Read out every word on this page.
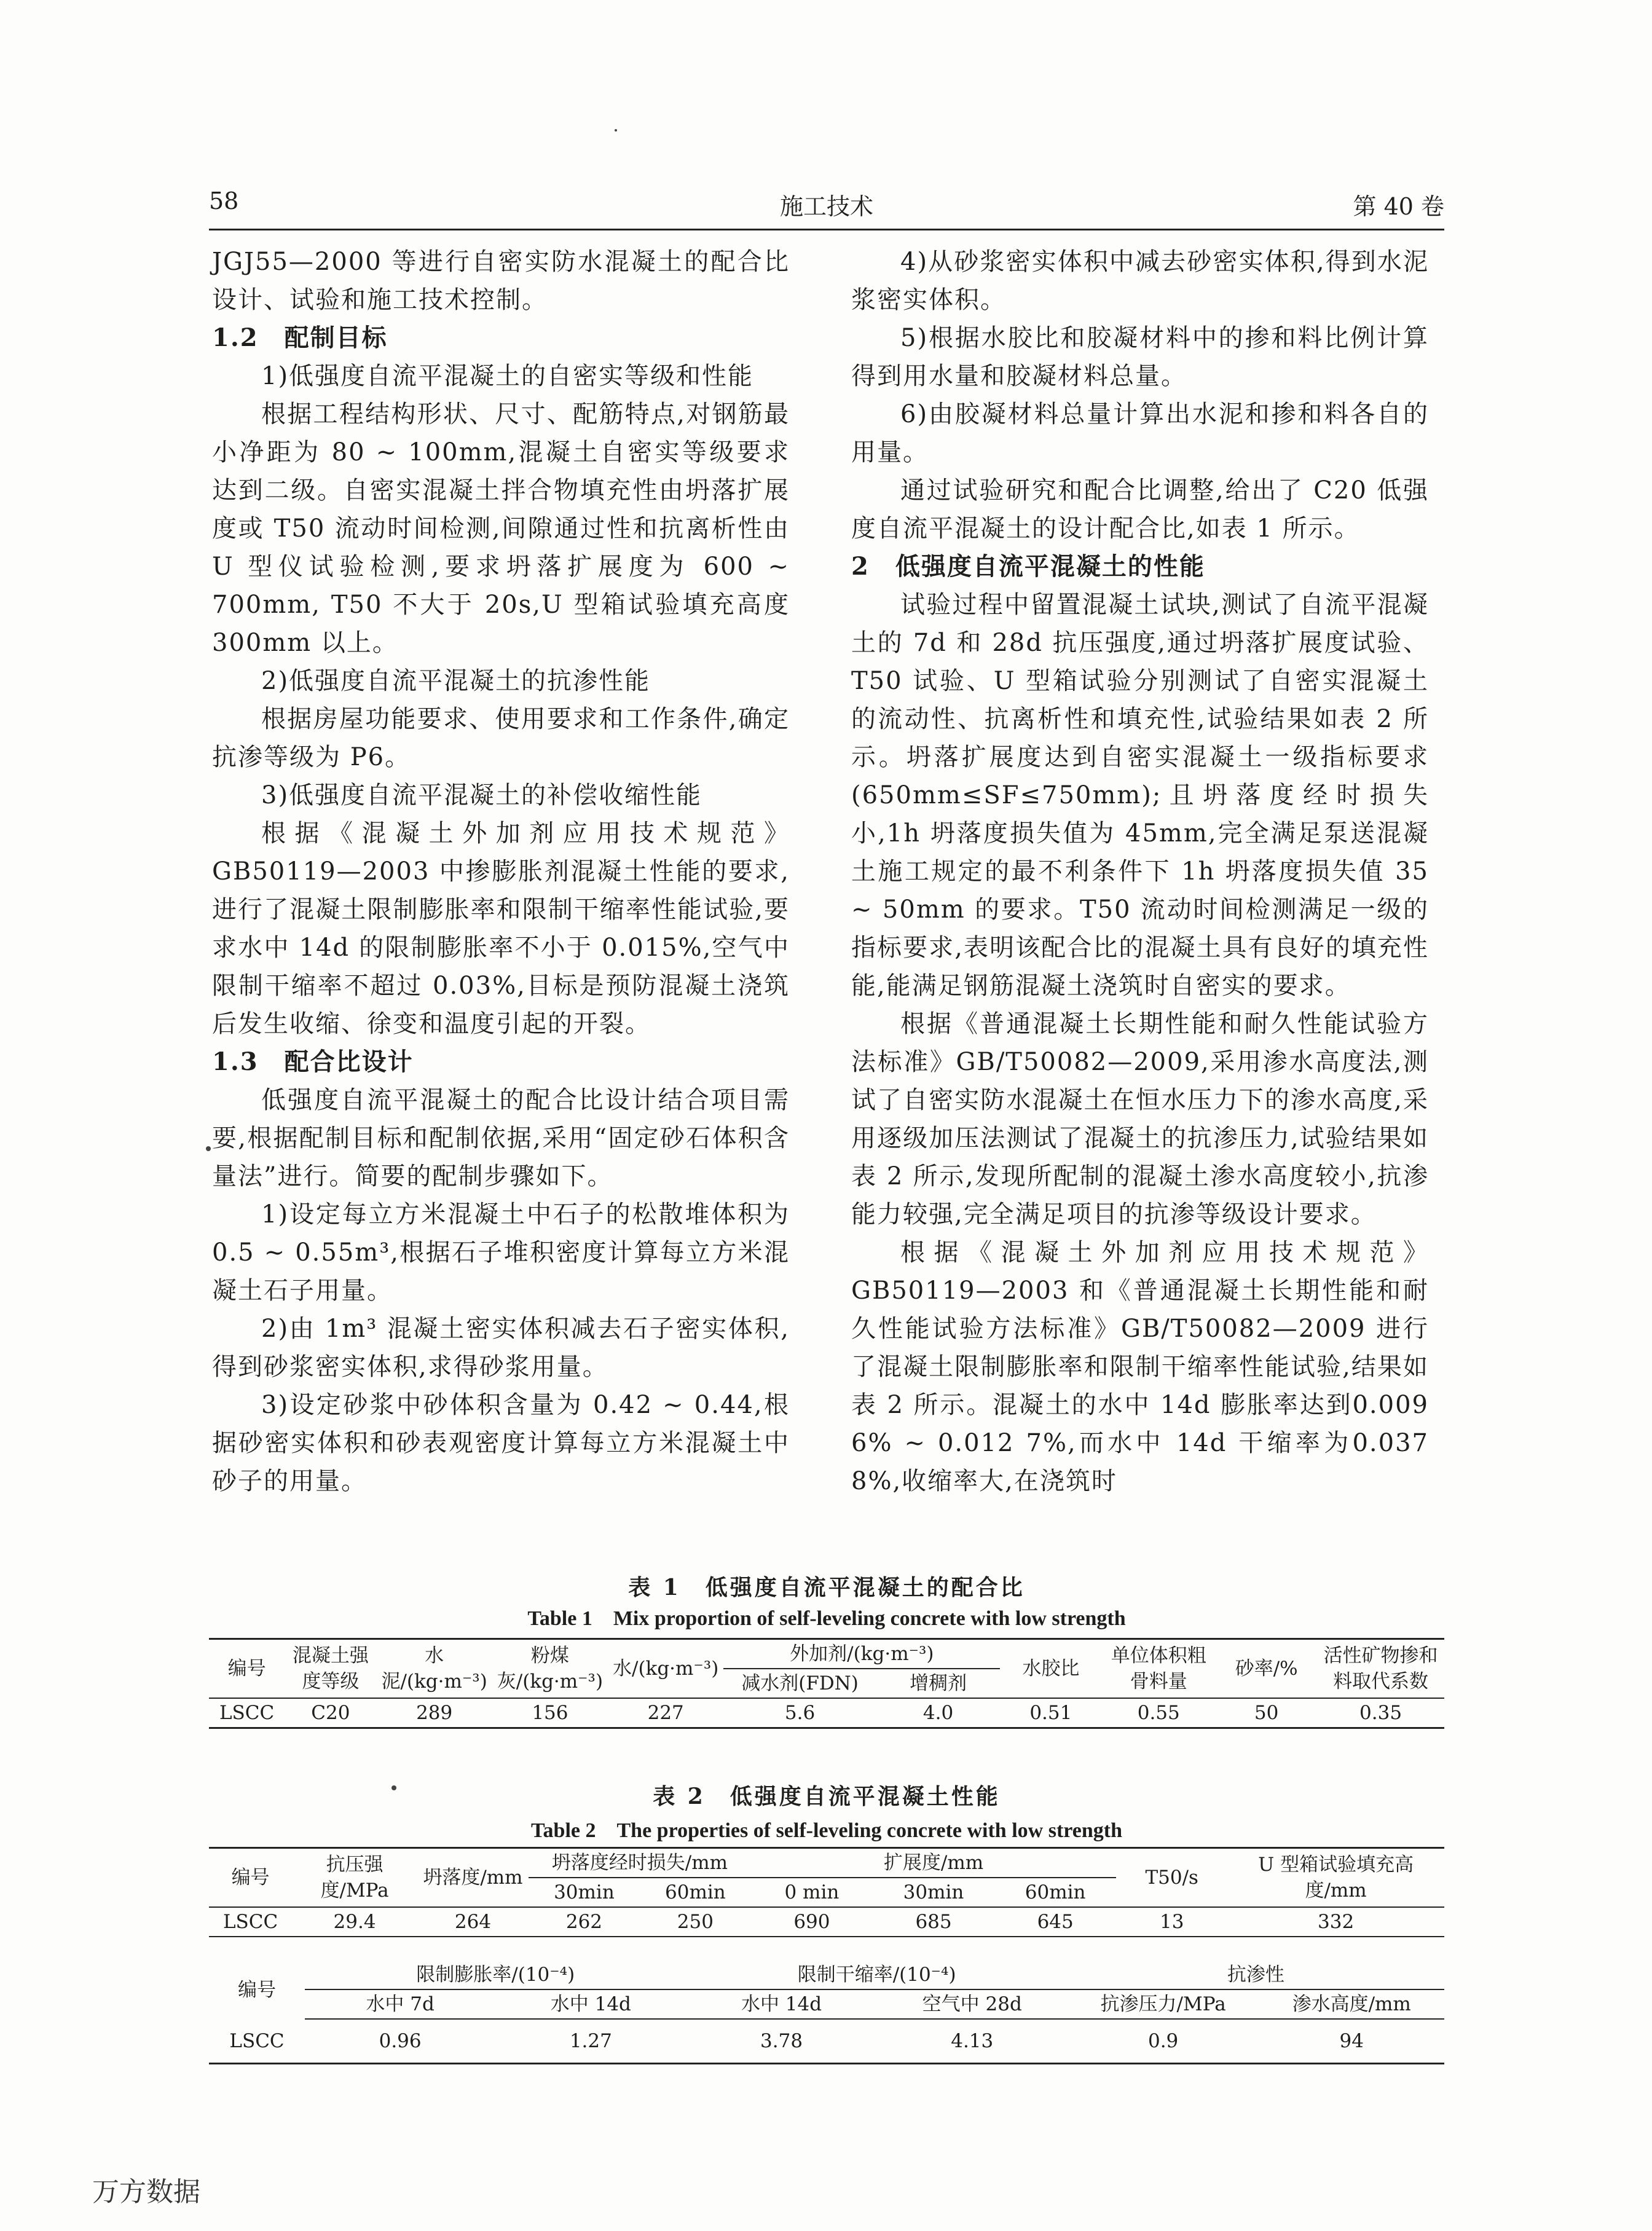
58	施工技术	第 40 卷

JGJ55—2000 等进行自密实防水混凝土的配合比设计、试验和施工技术控制。

1.2　配制目标

1)低强度自流平混凝土的自密实等级和性能

根据工程结构形状、尺寸、配筋特点,对钢筋最小净距为 80 ~ 100mm,混凝土自密实等级要求达到二级。自密实混凝土拌合物填充性由坍落扩展度或 T50 流动时间检测,间隙通过性和抗离析性由 U 型仪试验检测,要求坍落扩展度为 600 ~ 700mm, T50 不大于 20s,U 型箱试验填充高度 300mm 以上。

2)低强度自流平混凝土的抗渗性能

根据房屋功能要求、使用要求和工作条件,确定抗渗等级为 P6。

3)低强度自流平混凝土的补偿收缩性能

根据《混凝土外加剂应用技术规范》GB50119—2003 中掺膨胀剂混凝土性能的要求,进行了混凝土限制膨胀率和限制干缩率性能试验,要求水中 14d 的限制膨胀率不小于 0.015%,空气中限制干缩率不超过 0.03%,目标是预防混凝土浇筑后发生收缩、徐变和温度引起的开裂。

1.3　配合比设计

低强度自流平混凝土的配合比设计结合项目需要,根据配制目标和配制依据,采用“固定砂石体积含量法”进行。简要的配制步骤如下。

1)设定每立方米混凝土中石子的松散堆体积为 0.5 ~ 0.55m³,根据石子堆积密度计算每立方米混凝土石子用量。

2)由 1m³ 混凝土密实体积减去石子密实体积,得到砂浆密实体积,求得砂浆用量。

3)设定砂浆中砂体积含量为 0.42 ~ 0.44,根据砂密实体积和砂表观密度计算每立方米混凝土中砂子的用量。

4)从砂浆密实体积中减去砂密实体积,得到水泥浆密实体积。

5)根据水胶比和胶凝材料中的掺和料比例计算得到用水量和胶凝材料总量。

6)由胶凝材料总量计算出水泥和掺和料各自的用量。

通过试验研究和配合比调整,给出了 C20 低强度自流平混凝土的设计配合比,如表 1 所示。

2　低强度自流平混凝土的性能

试验过程中留置混凝土试块,测试了自流平混凝土的 7d 和 28d 抗压强度,通过坍落扩展度试验、T50 试验、U 型箱试验分别测试了自密实混凝土的流动性、抗离析性和填充性,试验结果如表 2 所示。坍落扩展度达到自密实混凝土一级指标要求(650mm≤SF≤750mm);且坍落度经时损失小,1h 坍落度损失值为 45mm,完全满足泵送混凝土施工规定的最不利条件下 1h 坍落度损失值 35 ~ 50mm 的要求。T50 流动时间检测满足一级的指标要求,表明该配合比的混凝土具有良好的填充性能,能满足钢筋混凝土浇筑时自密实的要求。

根据《普通混凝土长期性能和耐久性能试验方法标准》GB/T50082—2009,采用渗水高度法,测试了自密实防水混凝土在恒水压力下的渗水高度,采用逐级加压法测试了混凝土的抗渗压力,试验结果如表 2 所示,发现所配制的混凝土渗水高度较小,抗渗能力较强,完全满足项目的抗渗等级设计要求。

根据《混凝土外加剂应用技术规范》GB50119—2003 和《普通混凝土长期性能和耐久性能试验方法标准》GB/T50082—2009 进行了混凝土限制膨胀率和限制干缩率性能试验,结果如表 2 所示。混凝土的水中 14d 膨胀率达到0.009 6% ~ 0.012 7%,而水中 14d 干缩率为0.037 8%,收缩率大,在浇筑时

表 1　低强度自流平混凝土的配合比
Table 1　Mix proportion of self-leveling concrete with low strength
编号	混凝土强度等级	水泥/(kg·m⁻³)	粉煤灰/(kg·m⁻³)	水/(kg·m⁻³)	外加剂/(kg·m⁻³)		水胶比	单位体积粗骨料量	砂率/%	活性矿物掺和料取代系数
					减水剂(FDN)	增稠剂				
LSCC	C20	289	156	227	5.6	4.0	0.51	0.55	50	0.35
表 2　低强度自流平混凝土性能
Table 2　The properties of self-leveling concrete with low strength
编号	抗压强度/MPa	坍落度/mm	坍落度经时损失/mm		扩展度/mm			T50/s	U 型箱试验填充高度/mm
			30min	60min	0 min	30min	60min		
LSCC	29.4	264	262	250	690	685	645	13	332
编号	限制膨胀率/(10⁻⁴)		限制干缩率/(10⁻⁴)		抗渗性	
	水中 7d	水中 14d	水中 14d	空气中 28d	抗渗压力/MPa	渗水高度/mm
LSCC	0.96	1.27	3.78	4.13	0.9	94
万方数据
